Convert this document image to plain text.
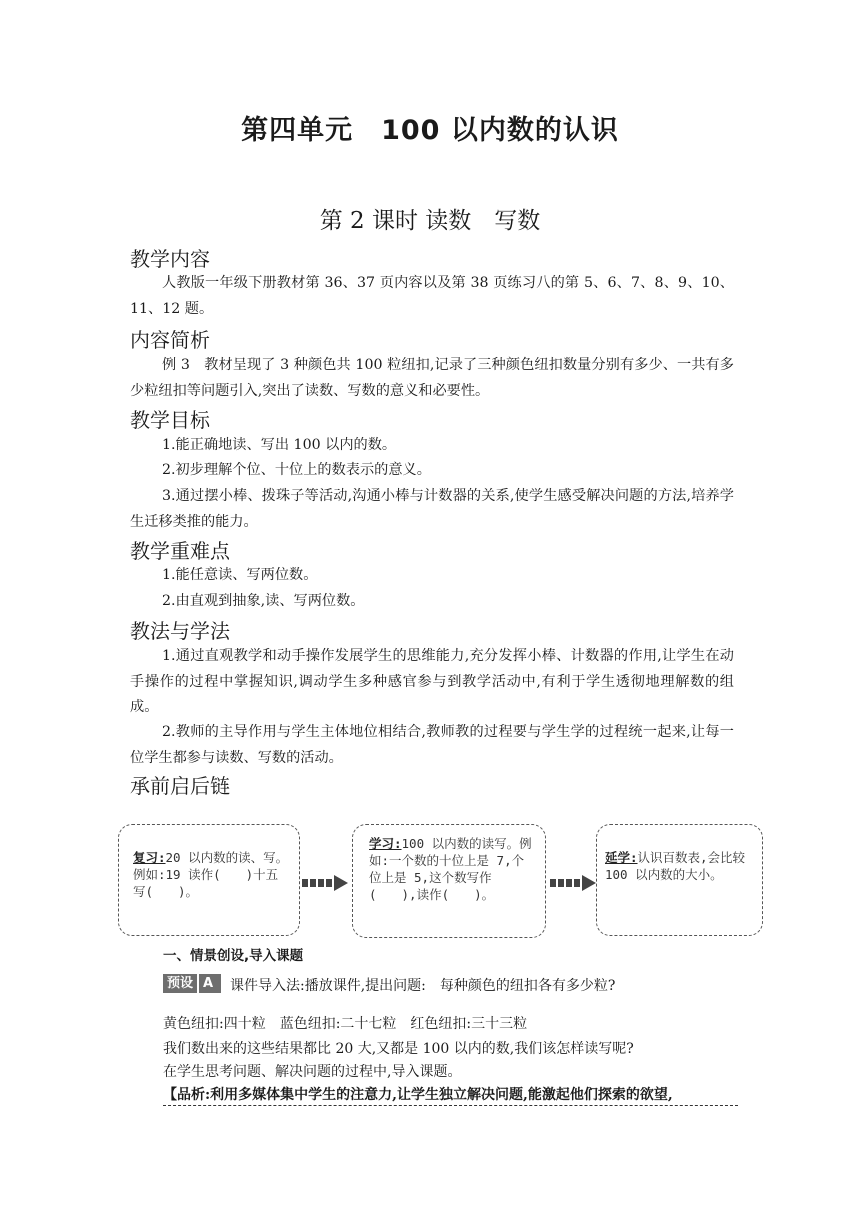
第四单元　100 以内数的认识
第 2 课时 读数　写数
教学内容
人教版一年级下册教材第 36、37 页内容以及第 38 页练习八的第 5、6、7、8、9、10、11、12 题。
内容简析
例 3　教材呈现了 3 种颜色共 100 粒纽扣,记录了三种颜色纽扣数量分别有多少、一共有多少粒纽扣等问题引入,突出了读数、写数的意义和必要性。
教学目标
1.能正确地读、写出 100 以内的数。
2.初步理解个位、十位上的数表示的意义。
3.通过摆小棒、拨珠子等活动,沟通小棒与计数器的关系,使学生感受解决问题的方法,培养学生迁移类推的能力。
教学重难点
1.能任意读、写两位数。
2.由直观到抽象,读、写两位数。
教法与学法
1.通过直观教学和动手操作发展学生的思维能力,充分发挥小棒、计数器的作用,让学生在动手操作的过程中掌握知识,调动学生多种感官参与到教学活动中,有利于学生透彻地理解数的组成。
2.教师的主导作用与学生主体地位相结合,教师教的过程要与学生学的过程统一起来,让每一位学生都参与读数、写数的活动。
承前启后链
复习:20 以内数的读、写。例如:19 读作(　　)十五写(　　)。
学习:100 以内数的读写。例如:一个数的十位上是 7,个位上是 5,这个数写作(　　),读作(　　)。
延学:认识百数表,会比较 100 以内数的大小。
一、情景创设,导入课题
预设 A 课件导入法:播放课件,提出问题:　每种颜色的纽扣各有多少粒?
黄色纽扣:四十粒　蓝色纽扣:二十七粒　红色纽扣:三十三粒
我们数出来的这些结果都比 20 大,又都是 100 以内的数,我们该怎样读写呢?
在学生思考问题、解决问题的过程中,导入课题。
【品析:利用多媒体集中学生的注意力,让学生独立解决问题,能激起他们探索的欲望,
